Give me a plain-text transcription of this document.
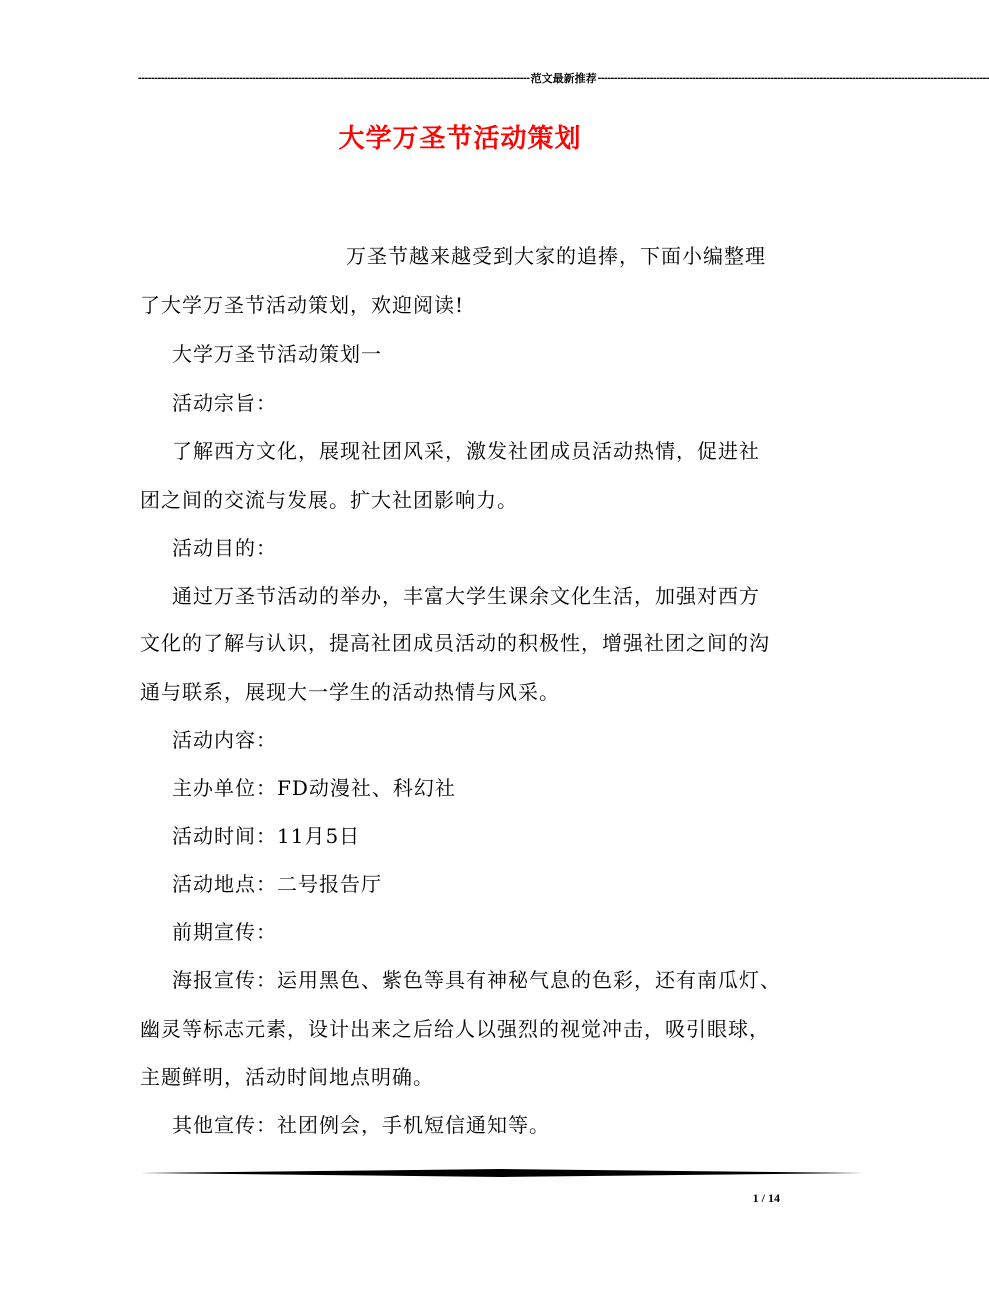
------------------------------------------------------------------------------------------------------------------------ 范文最新推荐 ------------------------------------------------------------------------------------------------------------------------
大学万圣节活动策划
万圣节越来越受到大家的追捧，下面小编整理
了大学万圣节活动策划，欢迎阅读!
大学万圣节活动策划一
活动宗旨：
了解西方文化，展现社团风采，激发社团成员活动热情，促进社
团之间的交流与发展。扩大社团影响力。
活动目的：
通过万圣节活动的举办，丰富大学生课余文化生活，加强对西方
文化的了解与认识，提高社团成员活动的积极性，增强社团之间的沟
通与联系，展现大一学生的活动热情与风采。
活动内容：
主办单位：FD动漫社、科幻社
活动时间：11月5日
活动地点：二号报告厅
前期宣传：
海报宣传：运用黑色、紫色等具有神秘气息的色彩，还有南瓜灯、
幽灵等标志元素，设计出来之后给人以强烈的视觉冲击，吸引眼球，
主题鲜明，活动时间地点明确。
其他宣传：社团例会，手机短信通知等。
1 / 14
